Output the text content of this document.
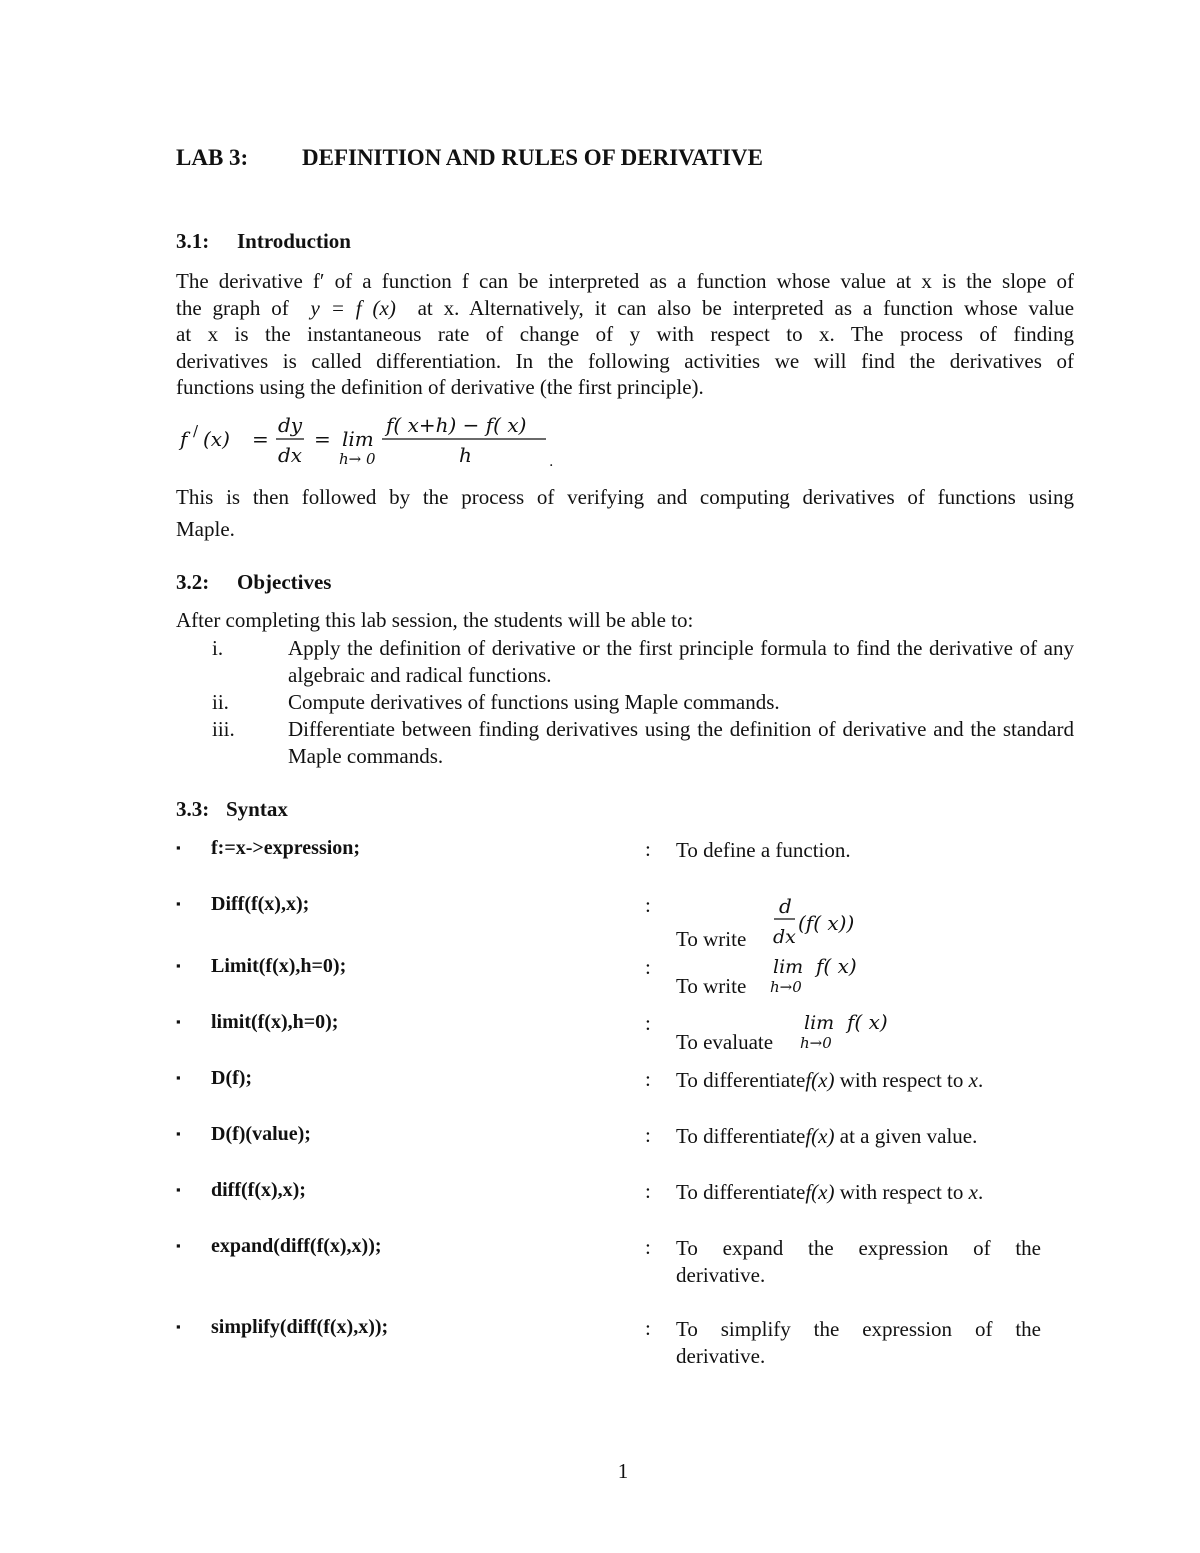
LAB 3: DEFINITION AND RULES OF DERIVATIVE
3.1: Introduction
The derivative f′ of a function f can be interpreted as a function whose value at x is the slope of
the graph of y = f (x) at x. Alternatively, it can also be interpreted as a function whose value
at x is the instantaneous rate of change of y with respect to x. The process of finding
derivatives is called differentiation. In the following activities we will find the derivatives of
functions using the definition of derivative (the first principle).
f / (x) =
dy
dx
= lim
h→ 0
f( x+h) − f( x)
h	.
This is then followed by the process of verifying and computing derivatives of functions using
Maple.
3.2: Objectives
After completing this lab session, the students will be able to:
i.	Apply the definition of derivative or the first principle formula to find the derivative of any algebraic and radical functions.
ii.	Compute derivatives of functions using Maple commands.
iii.	Differentiate between finding derivatives using the definition of derivative and the standard Maple commands.
3.3: Syntax
▪ f:=x->expression;	: To define a function.
▪ Diff(f(x),x);	:
To write
d
dx
(f( x))
▪ Limit(f(x),h=0);	:
To write
lim
h→0
f( x)
▪ limit(f(x),h=0);	:
To evaluate
lim
h→0
f( x)
▪ D(f);	: To differentiatef(x) with respect to x.
▪ D(f)(value);	: To differentiatef(x) at a given value.
▪ diff(f(x),x);	: To differentiatef(x) with respect to x.
▪ expand(diff(f(x),x));	: To expand the expression of the
derivative.
▪ simplify(diff(f(x),x));	: To simplify the expression of the
derivative.
1
